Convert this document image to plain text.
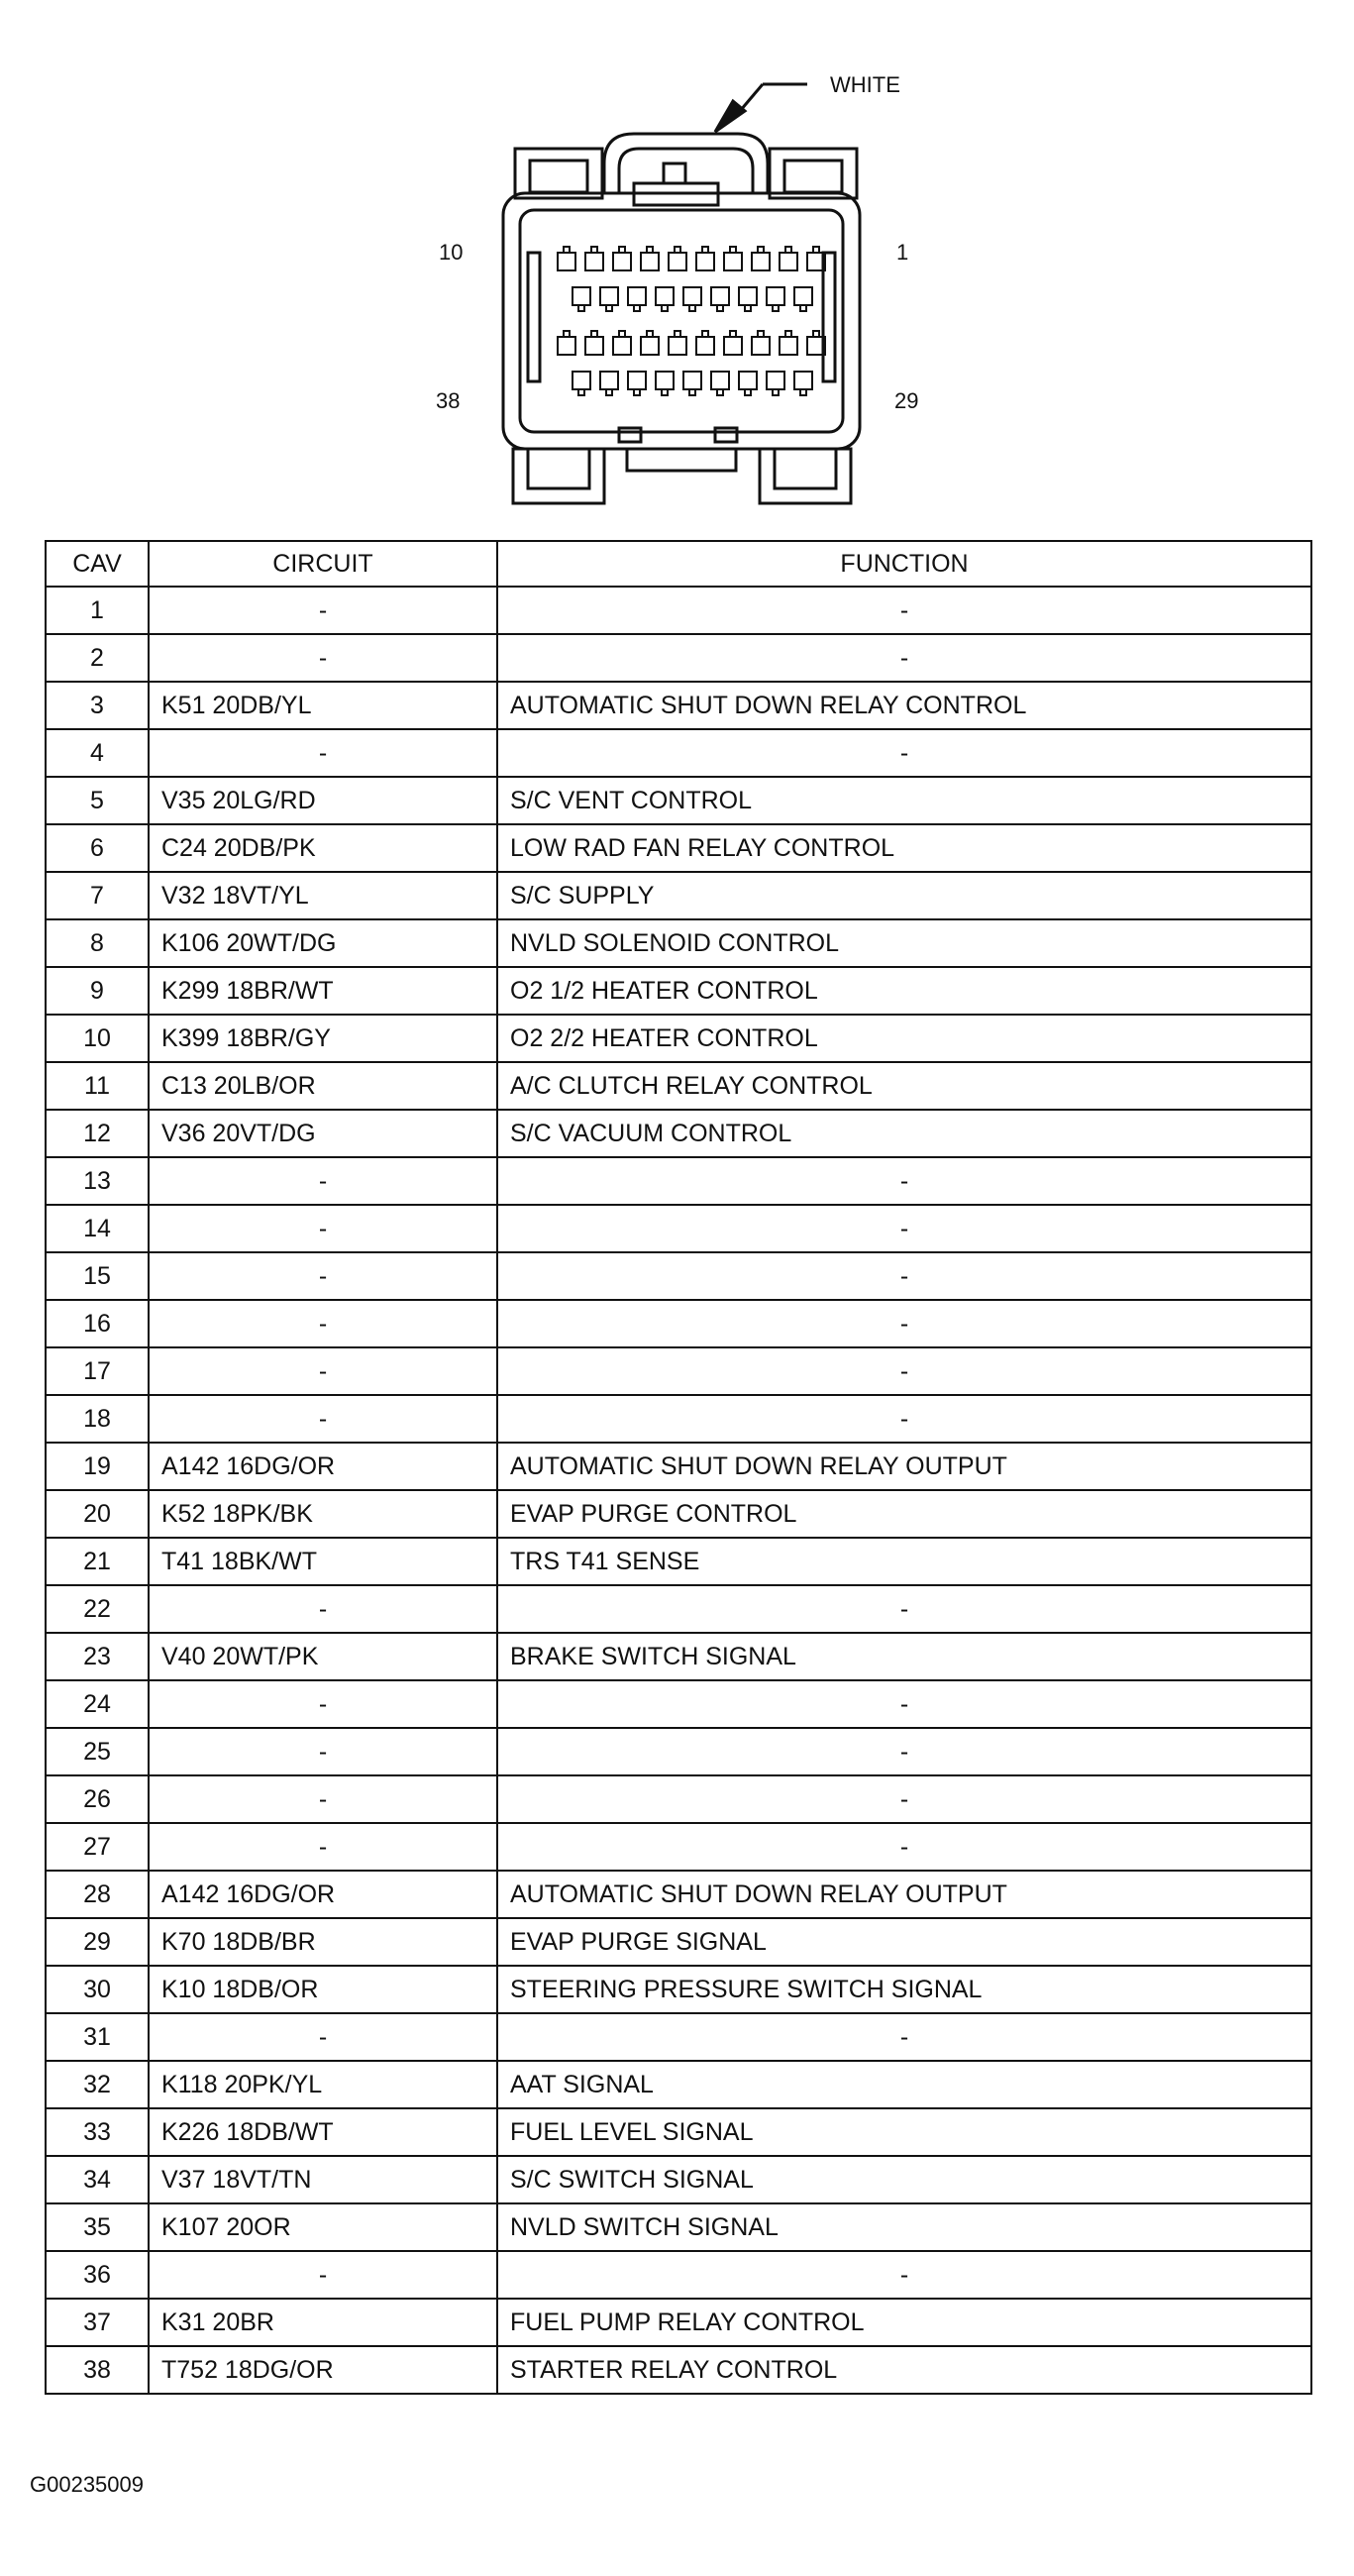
WHITE
10	1
38	29
CAV	CIRCUIT	FUNCTION
1	-	-
2	-	-
3	K51 20DB/YL	AUTOMATIC SHUT DOWN RELAY CONTROL
4	-	-
5	V35 20LG/RD	S/C VENT CONTROL
6	C24 20DB/PK	LOW RAD FAN RELAY CONTROL
7	V32 18VT/YL	S/C SUPPLY
8	K106 20WT/DG	NVLD SOLENOID CONTROL
9	K299 18BR/WT	O2 1/2 HEATER CONTROL
10	K399 18BR/GY	O2 2/2 HEATER CONTROL
11	C13 20LB/OR	A/C CLUTCH RELAY CONTROL
12	V36 20VT/DG	S/C VACUUM CONTROL
13	-	-
14	-	-
15	-	-
16	-	-
17	-	-
18	-	-
19	A142 16DG/OR	AUTOMATIC SHUT DOWN RELAY OUTPUT
20	K52 18PK/BK	EVAP PURGE CONTROL
21	T41 18BK/WT	TRS T41 SENSE
22	-	-
23	V40 20WT/PK	BRAKE SWITCH SIGNAL
24	-	-
25	-	-
26	-	-
27	-	-
28	A142 16DG/OR	AUTOMATIC SHUT DOWN RELAY OUTPUT
29	K70 18DB/BR	EVAP PURGE SIGNAL
30	K10 18DB/OR	STEERING PRESSURE SWITCH SIGNAL
31	-	-
32	K118 20PK/YL	AAT SIGNAL
33	K226 18DB/WT	FUEL LEVEL SIGNAL
34	V37 18VT/TN	S/C SWITCH SIGNAL
35	K107 20OR	NVLD SWITCH SIGNAL
36	-	-
37	K31 20BR	FUEL PUMP RELAY CONTROL
38	T752 18DG/OR	STARTER RELAY CONTROL
G00235009
